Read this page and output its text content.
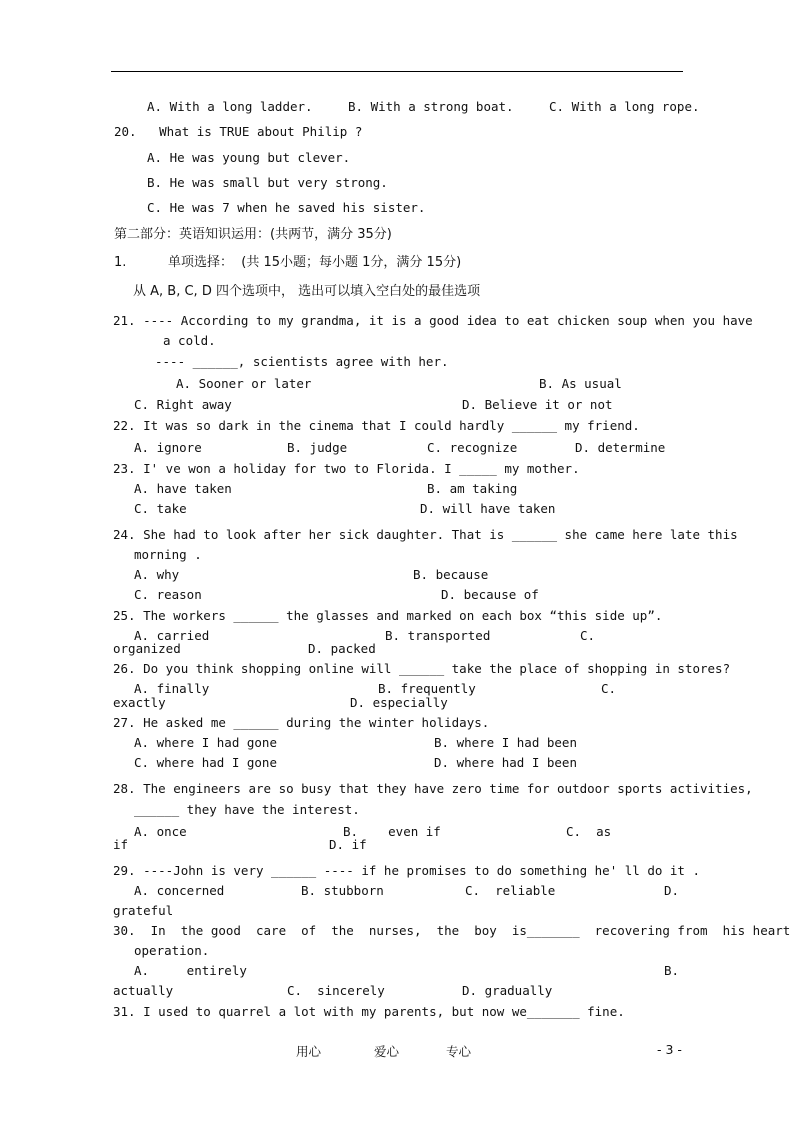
A. With a long ladder.	B. With a strong boat.	C. With a long rope.
20.   What is TRUE about Philip ?
A. He was young but clever.
B. He was small but very strong.
C. He was 7 when he saved his sister.
第二部分：英语知识运用：(共两节，满分 35分)
1.	单项选择：  (共 15小题；每小题 1分，满分 15分)
从 A, B, C, D 四个选项中， 选出可以填入空白处的最佳选项
21. ---- According to my grandma, it is a good idea to eat chicken soup when you have
a cold.
---- ______, scientists agree with her.
A. Sooner or later	B. As usual
C. Right away	D. Believe it or not
22. It was so dark in the cinema that I could hardly ______ my friend.
A. ignore	B. judge	C. recognize	D. determine
23. I' ve won a holiday for two to Florida. I _____ my mother.
A. have taken	B. am taking
C. take	D. will have taken
24. She had to look after her sick daughter. That is ______ she came here late this
morning .
A. why	B. because
C. reason	D. because of
25. The workers ______ the glasses and marked on each box “this side up”.
A. carried	B. transported	C.
organized	D. packed
26. Do you think shopping online will ______ take the place of shopping in stores?
A. finally	B. frequently	C.
exactly	D. especially
27. He asked me ______ during the winter holidays.
A. where I had gone	B. where I had been
C. where had I gone	D. where had I been
28. The engineers are so busy that they have zero time for outdoor sports activities,
______ they have the interest.
A. once	B.    even if	C.  as
if	D. if
29. ----John is very ______ ---- if he promises to do something he' ll do it .
A. concerned	B. stubborn	C.  reliable	D.
grateful
30.  In  the good  care  of  the  nurses,  the  boy  is_______  recovering from  his heart
operation.
A.     entirely	B.
actually	C.  sincerely	D. gradually
31. I used to quarrel a lot with my parents, but now we_______ fine.
用心	爱心	专心	- 3 -
